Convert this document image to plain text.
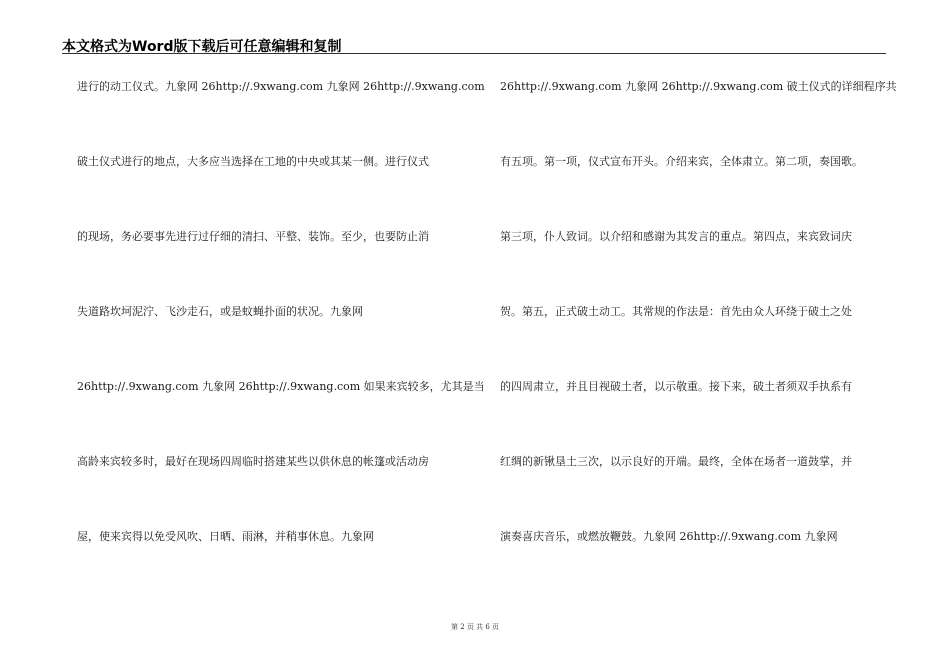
本文格式为Word版下载后可任意编辑和复制
进行的动工仪式。九象网 26http://.9xwang.com 九象网 26http://.9xwang.com
破土仪式进行的地点，大多应当选择在工地的中央或其某一侧。进行仪式
的现场，务必要事先进行过仔细的清扫、平整、装饰。至少，也要防止消
失道路坎坷泥泞、飞沙走石，或是蚊蝇扑面的状况。九象网
26http://.9xwang.com 九象网 26http://.9xwang.com 如果来宾较多，尤其是当
高龄来宾较多时，最好在现场四周临时搭建某些以供休息的帐篷或活动房
屋，使来宾得以免受风吹、日晒、雨淋，并稍事休息。九象网
26http://.9xwang.com 九象网 26http://.9xwang.com 破土仪式的详细程序共
有五项。第一项，仪式宣布开头。介绍来宾，全体肃立。第二项，奏国歌。
第三项，仆人致词。以介绍和感谢为其发言的重点。第四点，来宾致词庆
贺。第五，正式破土动工。其常规的作法是：首先由众人环绕于破土之处
的四周肃立，并且目视破土者，以示敬重。接下来，破土者须双手执系有
红绸的新锹垦土三次，以示良好的开端。最终，全体在场者一道鼓掌，并
演奏喜庆音乐，或燃放鞭鼓。九象网 26http://.9xwang.com 九象网
第 2 页 共 6 页
